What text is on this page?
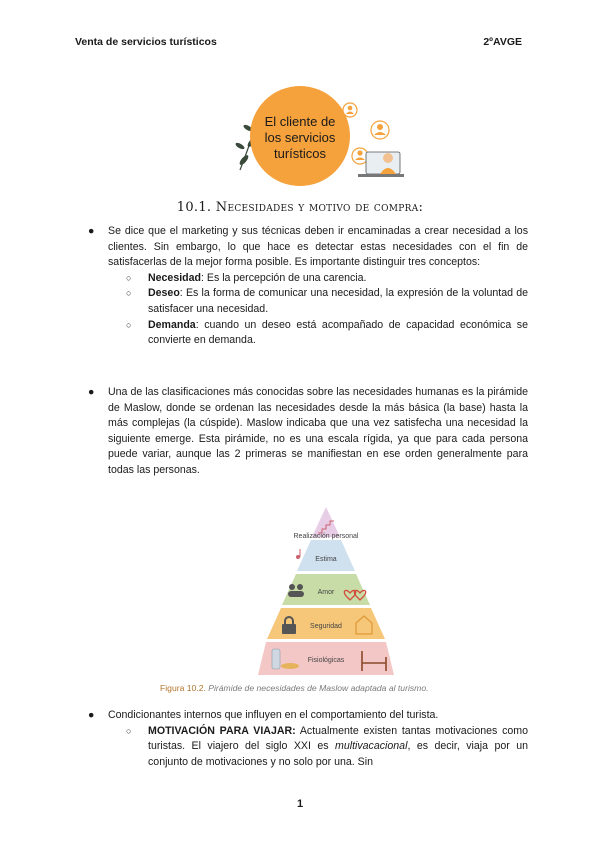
Venta de servicios turísticos	2ºAVGE
El cliente de
los servicios
turísticos
10.1. Necesidades y motivo de compra:
● Se dice que el marketing y sus técnicas deben ir encaminadas a crear necesidad a los clientes. Sin embargo, lo que hace es detectar estas necesidades con el fin de satisfacerlas de la mejor forma posible. Es importante distinguir tres conceptos:
○ Necesidad: Es la percepción de una carencia.
○ Deseo: Es la forma de comunicar una necesidad, la expresión de la voluntad de satisfacer una necesidad.
○ Demanda: cuando un deseo está acompañado de capacidad económica se convierte en demanda.
● Una de las clasificaciones más conocidas sobre las necesidades humanas es la pirámide de Maslow, donde se ordenan las necesidades desde la más básica (la base) hasta la más complejas (la cúspide). Maslow indicaba que una vez satisfecha una necesidad la siguiente emerge. Esta pirámide, no es una escala rígida, ya que para cada persona puede variar, aunque las 2 primeras se manifiestan en ese orden generalmente para todas las personas.
Realización personal
Estima
Amor
Seguridad
Fisiológicas
Figura 10.2. Pirámide de necesidades de Maslow adaptada al turismo.
● Condicionantes internos que influyen en el comportamiento del turista.
○ MOTIVACIÓN PARA VIAJAR: Actualmente existen tantas motivaciones como turistas. El viajero del siglo XXI es multivacacional, es decir, viaja por un conjunto de motivaciones y no solo por una. Sin
1
